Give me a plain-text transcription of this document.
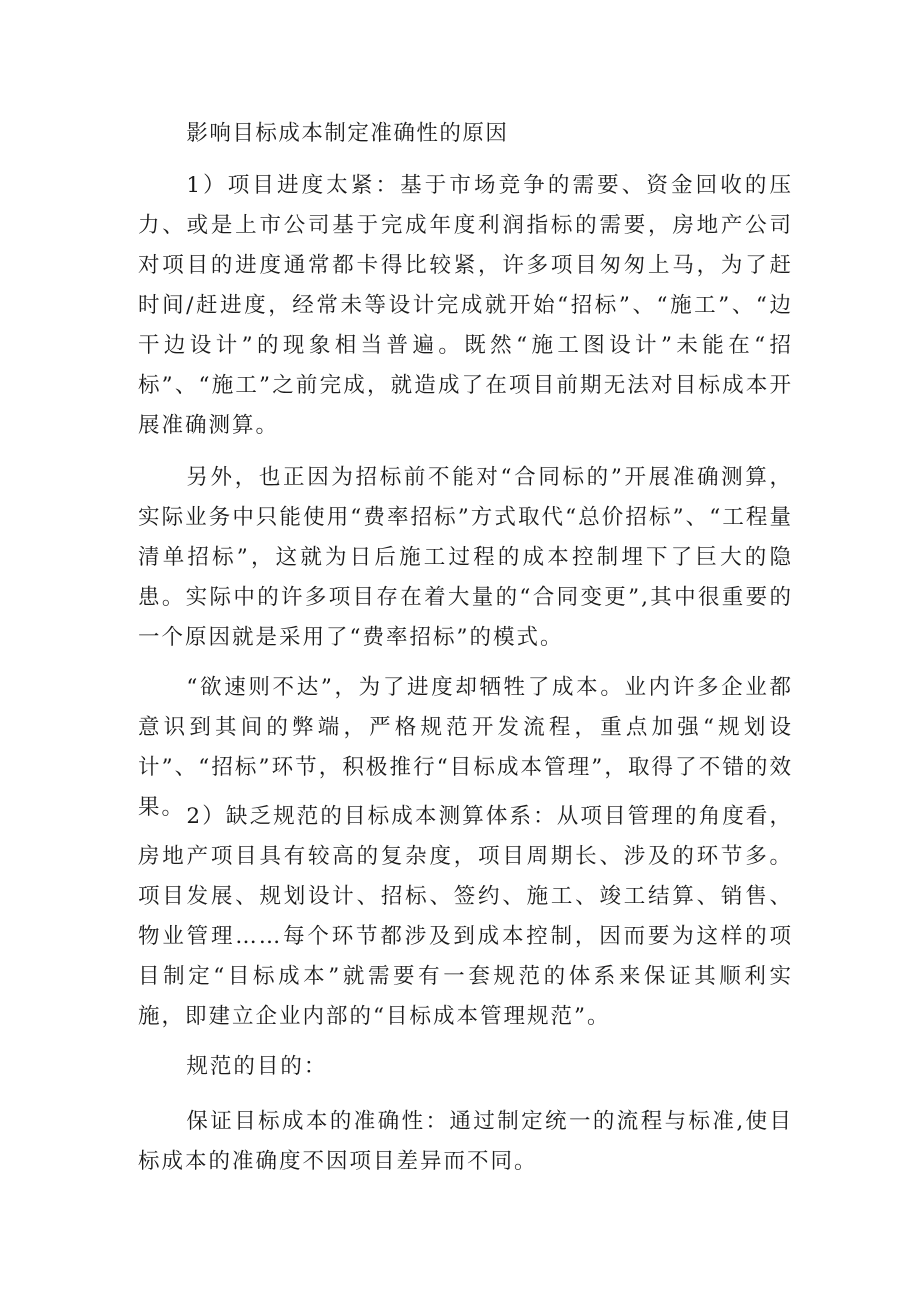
影响目标成本制定准确性的原因

1）项目进度太紧：基于市场竞争的需要、资金回收的压力、或是上市公司基于完成年度利润指标的需要，房地产公司对项目的进度通常都卡得比较紧，许多项目匆匆上马，为了赶时间/赶进度，经常未等设计完成就开始“招标”、“施工”、“边干边设计”的现象相当普遍。既然“施工图设计”未能在“招标”、“施工”之前完成，就造成了在项目前期无法对目标成本开展准确测算。

另外，也正因为招标前不能对“合同标的”开展准确测算，实际业务中只能使用“费率招标”方式取代“总价招标”、“工程量清单招标”，这就为日后施工过程的成本控制埋下了巨大的隐患。实际中的许多项目存在着大量的“合同变更”,其中很重要的一个原因就是采用了“费率招标”的模式。

“欲速则不达”，为了进度却牺牲了成本。业内许多企业都意识到其间的弊端，严格规范开发流程，重点加强“规划设计”、“招标”环节，积极推行“目标成本管理”，取得了不错的效果。 2）缺乏规范的目标成本测算体系：从项目管理的角度看，房地产项目具有较高的复杂度，项目周期长、涉及的环节多。项目发展、规划设计、招标、签约、施工、竣工结算、销售、物业管理……每个环节都涉及到成本控制，因而要为这样的项目制定“目标成本”就需要有一套规范的体系来保证其顺利实施，即建立企业内部的“目标成本管理规范”。

规范的目的：

保证目标成本的准确性：通过制定统一的流程与标准,使目标成本的准确度不因项目差异而不同。
